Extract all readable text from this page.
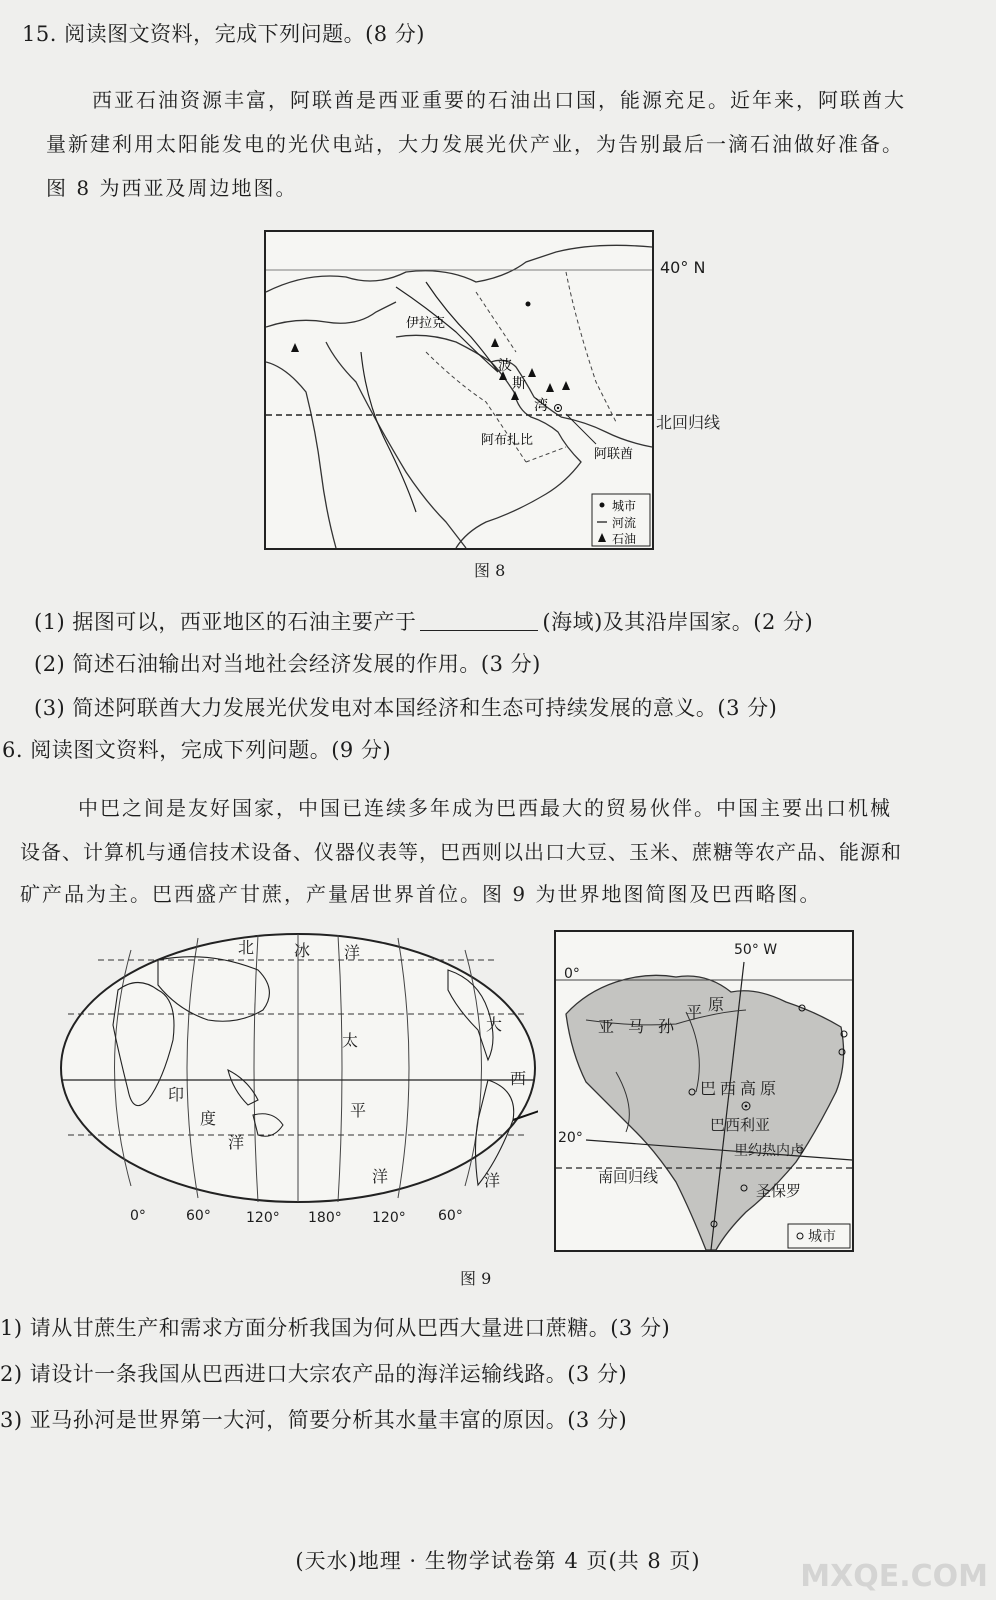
15. 阅读图文资料，完成下列问题。(8 分)
西亚石油资源丰富，阿联酋是西亚重要的石油出口国，能源充足。近年来，阿联酋大
量新建利用太阳能发电的光伏电站，大力发展光伏产业，为告别最后一滴石油做好准备。
图 8 为西亚及周边地图。
伊拉克
波
斯
湾
阿布扎比
阿联酋
城市
河流
石油
40° N
北回归线
图 8
(1) 据图可以，西亚地区的石油主要产于	(海域)及其沿岸国家。(2 分)
(2) 简述石油输出对当地社会经济发展的作用。(3 分)
(3) 简述阿联酋大力发展光伏发电对本国经济和生态可持续发展的意义。(3 分)
6. 阅读图文资料，完成下列问题。(9 分)
中巴之间是友好国家，中国已连续多年成为巴西最大的贸易伙伴。中国主要出口机械
设备、计算机与通信技术设备、仪器仪表等，巴西则以出口大豆、玉米、蔗糖等农产品、能源和
矿产品为主。巴西盛产甘蔗，产量居世界首位。图 9 为世界地图简图及巴西略图。
北 冰 洋
太
平
洋
大
西
洋
印
度
洋
0°	60°	120° 180° 120° 60°
50° W
0°
20°
亚 马 孙
平 原
巴西高原
巴西利亚
里约热内卢
圣保罗
南回归线
城市
图 9
1) 请从甘蔗生产和需求方面分析我国为何从巴西大量进口蔗糖。(3 分)
2) 请设计一条我国从巴西进口大宗农产品的海洋运输线路。(3 分)
3) 亚马孙河是世界第一大河，简要分析其水量丰富的原因。(3 分)
(天水)地理 · 生物学试卷第 4 页(共 8 页)	MXQE.COM
